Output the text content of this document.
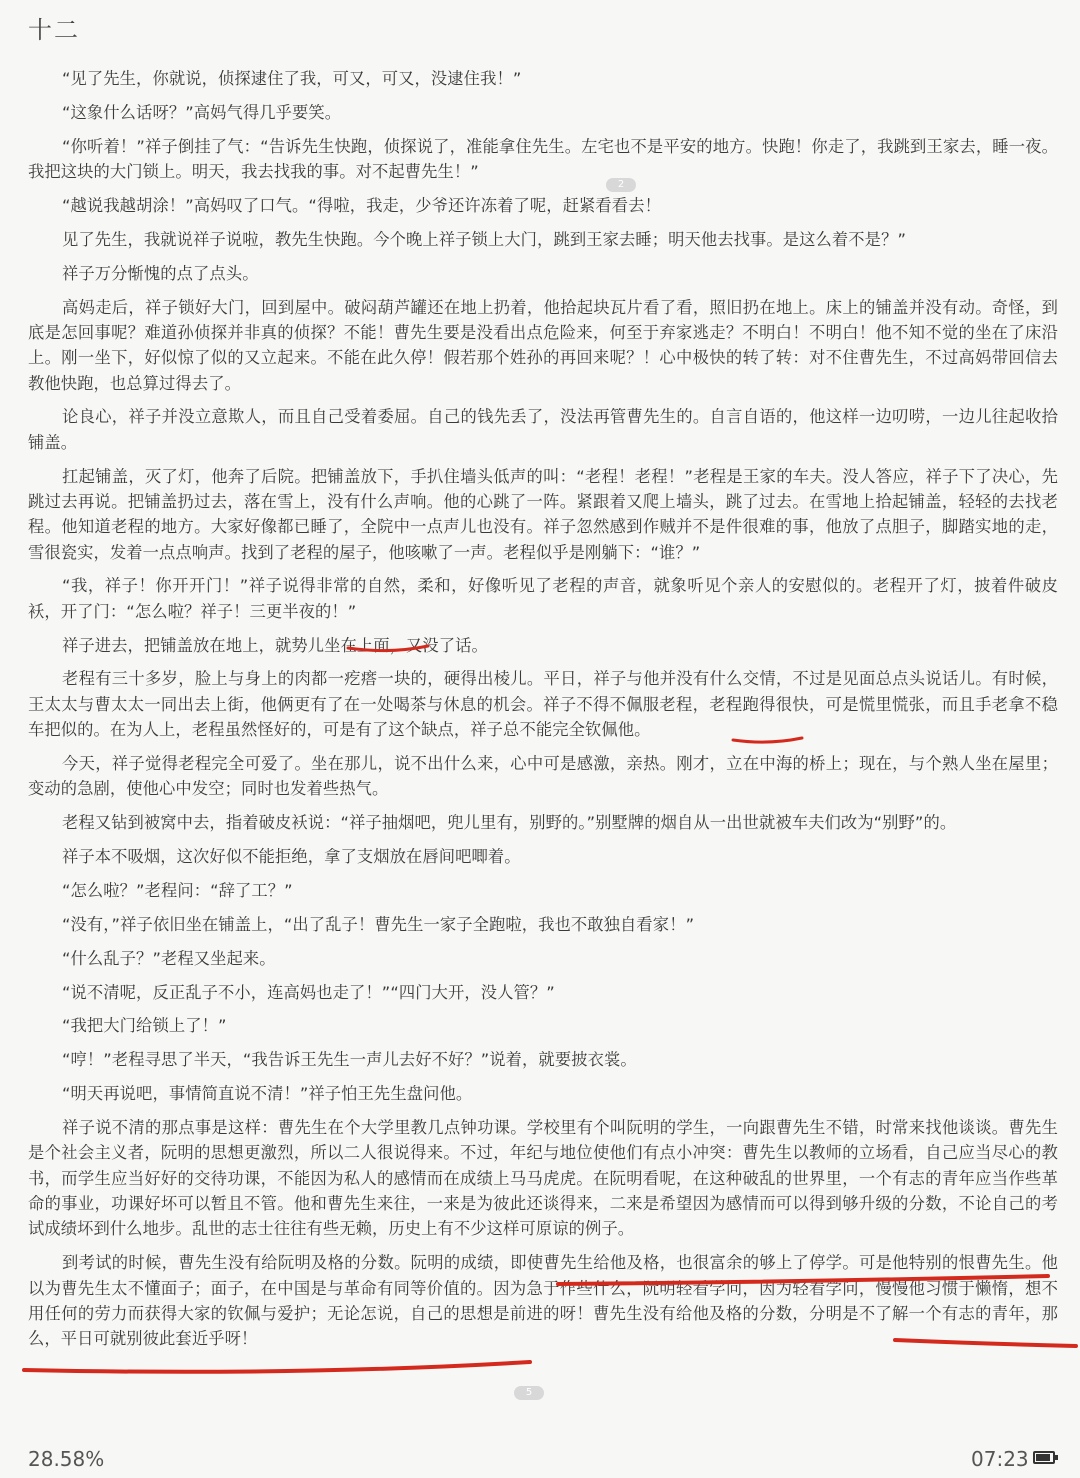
十二

“见了先生，你就说，侦探逮住了我，可又，可又，没逮住我！”

“这象什么话呀？”高妈气得几乎要笑。

“你听着！”祥子倒挂了气：“告诉先生快跑，侦探说了，准能拿住先生。左宅也不是平安的地方。快跑！你走了，我跳到王家去，睡一夜。我把这块的大门锁上。明天，我去找我的事。对不起曹先生！”

“越说我越胡涂！”高妈叹了口气。“得啦，我走，少爷还许冻着了呢，赶紧看看去！

见了先生，我就说祥子说啦，教先生快跑。今个晚上祥子锁上大门，跳到王家去睡；明天他去找事。是这么着不是？”

祥子万分惭愧的点了点头。

高妈走后，祥子锁好大门，回到屋中。破闷葫芦罐还在地上扔着，他拾起块瓦片看了看，照旧扔在地上。床上的铺盖并没有动。奇怪，到底是怎回事呢？难道孙侦探并非真的侦探？不能！曹先生要是没看出点危险来，何至于弃家逃走？不明白！不明白！他不知不觉的坐在了床沿上。刚一坐下，好似惊了似的又立起来。不能在此久停！假若那个姓孙的再回来呢？！心中极快的转了转：对不住曹先生，不过高妈带回信去教他快跑，也总算过得去了。

论良心，祥子并没立意欺人，而且自己受着委屈。自己的钱先丢了，没法再管曹先生的。自言自语的，他这样一边叨唠，一边儿往起收拾铺盖。

扛起铺盖，灭了灯，他奔了后院。把铺盖放下，手扒住墙头低声的叫：“老程！老程！”老程是王家的车夫。没人答应，祥子下了决心，先跳过去再说。把铺盖扔过去，落在雪上，没有什么声响。他的心跳了一阵。紧跟着又爬上墙头，跳了过去。在雪地上拾起铺盖，轻轻的去找老程。他知道老程的地方。大家好像都已睡了，全院中一点声儿也没有。祥子忽然感到作贼并不是件很难的事，他放了点胆子，脚踏实地的走，雪很瓷实，发着一点点响声。找到了老程的屋子，他咳嗽了一声。老程似乎是刚躺下：“谁？”

“我，祥子！你开开门！”祥子说得非常的自然，柔和，好像听见了老程的声音，就象听见个亲人的安慰似的。老程开了灯，披着件破皮袄，开了门：“怎么啦？祥子！三更半夜的！”

祥子进去，把铺盖放在地上，就势儿坐在上面，又没了话。

老程有三十多岁，脸上与身上的肉都一疙瘩一块的，硬得出棱儿。平日，祥子与他并没有什么交情，不过是见面总点头说话儿。有时候，王太太与曹太太一同出去上街，他俩更有了在一处喝茶与休息的机会。祥子不得不佩服老程，老程跑得很快，可是慌里慌张，而且手老拿不稳车把似的。在为人上，老程虽然怪好的，可是有了这个缺点，祥子总不能完全钦佩他。

今天，祥子觉得老程完全可爱了。坐在那儿，说不出什么来，心中可是感激，亲热。刚才，立在中海的桥上；现在，与个熟人坐在屋里；变动的急剧，使他心中发空；同时也发着些热气。

老程又钻到被窝中去，指着破皮袄说：“祥子抽烟吧，兜儿里有，别野的。”别墅牌的烟自从一出世就被车夫们改为“别野”的。

祥子本不吸烟，这次好似不能拒绝，拿了支烟放在唇间吧唧着。

“怎么啦？”老程问：“辞了工？”

“没有，”祥子依旧坐在铺盖上，“出了乱子！曹先生一家子全跑啦，我也不敢独自看家！”

“什么乱子？”老程又坐起来。

“说不清呢，反正乱子不小，连高妈也走了！”“四门大开，没人管？”

“我把大门给锁上了！”

“哼！”老程寻思了半天，“我告诉王先生一声儿去好不好？”说着，就要披衣裳。

“明天再说吧，事情简直说不清！”祥子怕王先生盘问他。

祥子说不清的那点事是这样：曹先生在个大学里教几点钟功课。学校里有个叫阮明的学生，一向跟曹先生不错，时常来找他谈谈。曹先生是个社会主义者，阮明的思想更激烈，所以二人很说得来。不过，年纪与地位使他们有点小冲突：曹先生以教师的立场看，自己应当尽心的教书，而学生应当好好的交待功课，不能因为私人的感情而在成绩上马马虎虎。在阮明看呢，在这种破乱的世界里，一个有志的青年应当作些革命的事业，功课好坏可以暂且不管。他和曹先生来往，一来是为彼此还谈得来，二来是希望因为感情而可以得到够升级的分数，不论自己的考试成绩坏到什么地步。乱世的志士往往有些无赖，历史上有不少这样可原谅的例子。

到考试的时候，曹先生没有给阮明及格的分数。阮明的成绩，即使曹先生给他及格，也很富余的够上了停学。可是他特别的恨曹先生。他以为曹先生太不懂面子；面子，在中国是与革命有同等价值的。因为急于作些什么，阮明轻看学问，因为轻看学问，慢慢他习惯于懒惰，想不用任何的劳力而获得大家的钦佩与爱护；无论怎说，自己的思想是前进的呀！曹先生没有给他及格的分数，分明是不了解一个有志的青年，那么，平日可就别彼此套近乎呀！

2
5
28.58%	07:23
